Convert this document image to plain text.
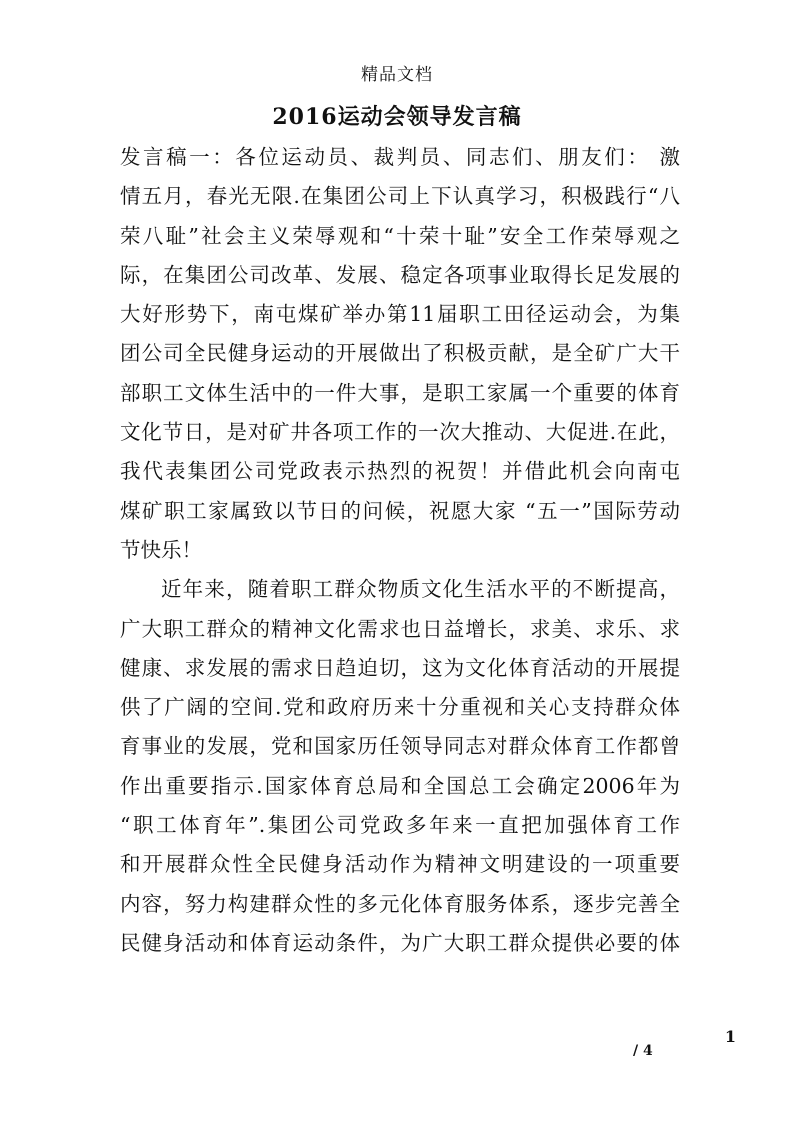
精品文档
2016运动会领导发言稿
发言稿一：各位运动员、裁判员、同志们、朋友们： 激
情五月，春光无限.在集团公司上下认真学习，积极践行“八
荣八耻”社会主义荣辱观和“十荣十耻”安全工作荣辱观之
际，在集团公司改革、发展、稳定各项事业取得长足发展的
大好形势下，南屯煤矿举办第11届职工田径运动会，为集
团公司全民健身运动的开展做出了积极贡献，是全矿广大干
部职工文体生活中的一件大事，是职工家属一个重要的体育
文化节日，是对矿井各项工作的一次大推动、大促进.在此，
我代表集团公司党政表示热烈的祝贺！并借此机会向南屯
煤矿职工家属致以节日的问候，祝愿大家 “五一”国际劳动
节快乐！
近年来，随着职工群众物质文化生活水平的不断提高，
广大职工群众的精神文化需求也日益增长，求美、求乐、求
健康、求发展的需求日趋迫切，这为文化体育活动的开展提
供了广阔的空间.党和政府历来十分重视和关心支持群众体
育事业的发展，党和国家历任领导同志对群众体育工作都曾
作出重要指示.国家体育总局和全国总工会确定2006年为
“职工体育年”.集团公司党政多年来一直把加强体育工作
和开展群众性全民健身活动作为精神文明建设的一项重要
内容，努力构建群众性的多元化体育服务体系，逐步完善全
民健身活动和体育运动条件，为广大职工群众提供必要的体
1
/ 4
